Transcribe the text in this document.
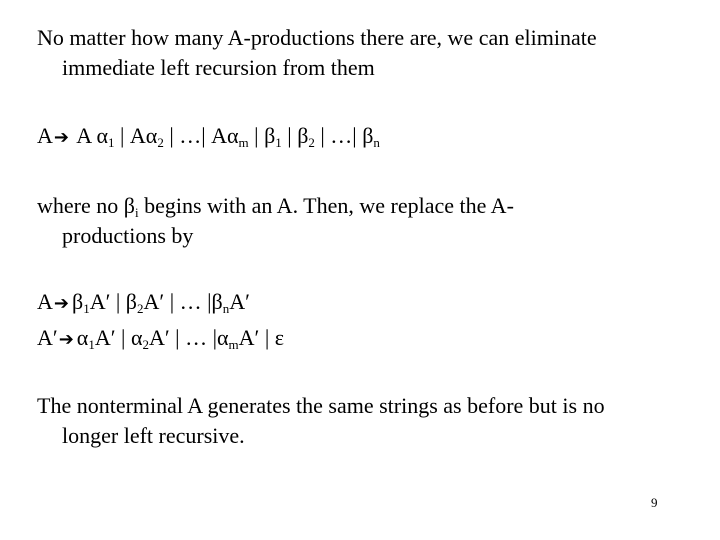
No matter how many A-productions there are, we can eliminate
immediate left recursion from them
A➔ A $\alpha_1$ | $A\alpha_2$ | …| $A\alpha_m$ | $\beta_1$ | $\beta_2$ | …| $\beta_n$
where no $\beta_i$ begins with an A. Then, we replace the A-
productions by
A➔ $\beta_1A'$ | $\beta_2A'$ | … $|\beta_nA'$
A′➔ $\alpha_1A'$ | $\alpha_2A'$ | … $|\alpha_mA'$ | ε
The nonterminal A generates the same strings as before but is no
longer left recursive.
9
